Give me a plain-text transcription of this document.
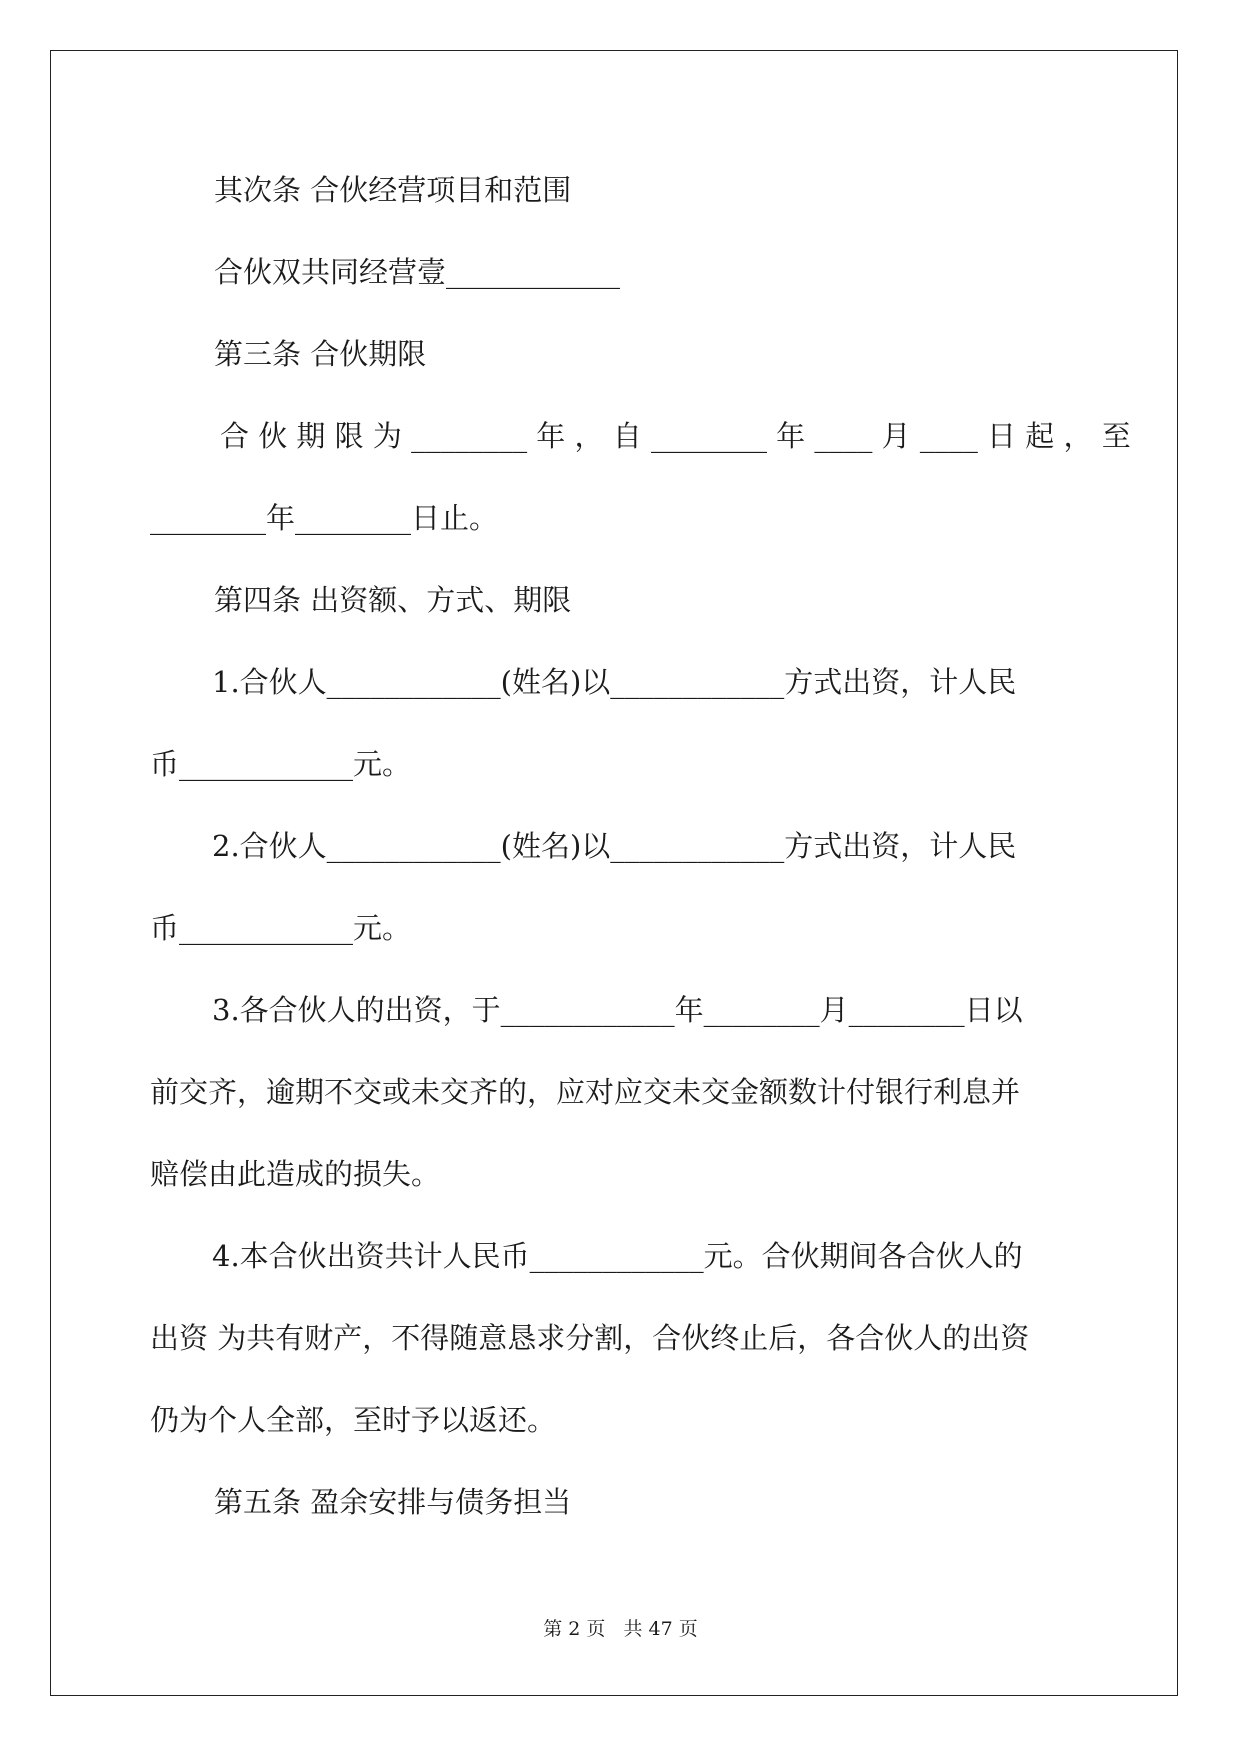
其次条 合伙经营项目和范围
合伙双共同经营壹____________
第三条 合伙期限
合 伙 期 限 为 ________ 年 ， 自 ________ 年 ____ 月 ____ 日 起 ， 至
________年________日止。
第四条 出资额、方式、期限
1.合伙人____________(姓名)以____________方式出资，计人民
币____________元。
2.合伙人____________(姓名)以____________方式出资，计人民
币____________元。
3.各合伙人的出资，于____________年________月________日以
前交齐，逾期不交或未交齐的，应对应交未交金额数计付银行利息并
赔偿由此造成的损失。
4.本合伙出资共计人民币____________元。合伙期间各合伙人的
出资 为共有财产，不得随意恳求分割，合伙终止后，各合伙人的出资
仍为个人全部，至时予以返还。
第五条 盈余安排与债务担当
第 2 页 共 47 页
